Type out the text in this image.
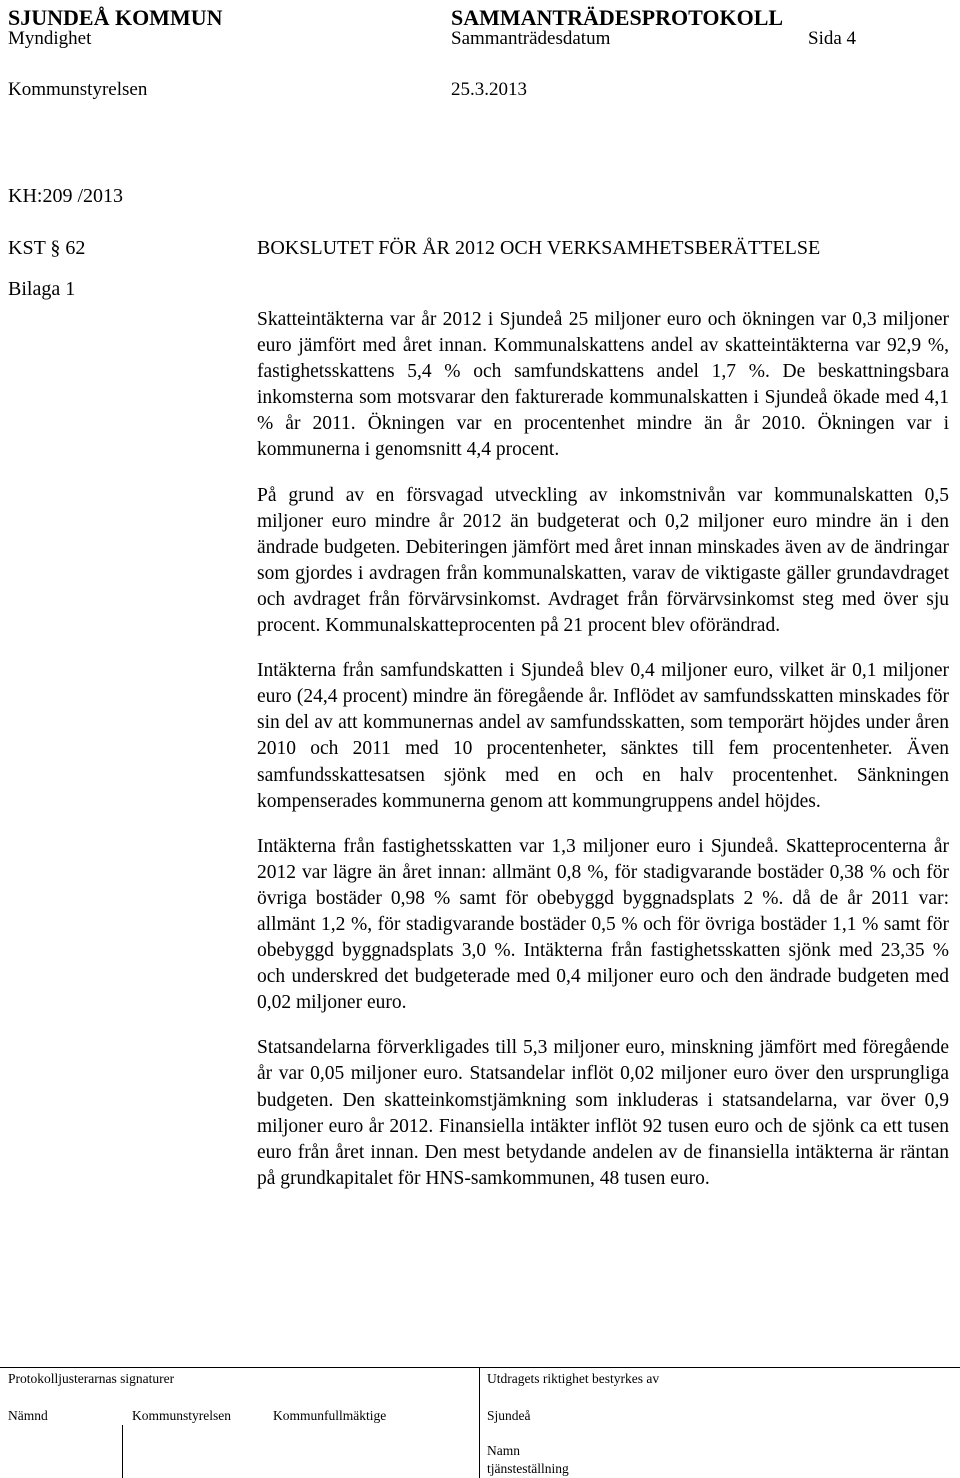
SJUNDEÅ KOMMUN	SAMMANTRÄDESPROTOKOLL
Myndighet	Sammanträdesdatum	Sida 4
Kommunstyrelsen	25.3.2013
KH:209 /2013
KST § 62	BOKSLUTET FÖR ÅR 2012 OCH VERKSAMHETSBERÄTTELSE
Bilaga 1

Skatteintäkterna var år 2012 i Sjundeå 25 miljoner euro och ökningen var 0,3 miljoner euro jämfört med året innan. Kommunalskattens andel av skatteintäkterna var 92,9 %, fastighetsskattens 5,4 % och samfundskattens andel 1,7 %. De beskattningsbara inkomsterna som motsvarar den fakturerade kommunalskatten i Sjundeå ökade med 4,1 % år 2011. Ökningen var en procentenhet mindre än år 2010. Ökningen var i kommunerna i genomsnitt 4,4 procent.

På grund av en försvagad utveckling av inkomstnivån var kommunalskatten 0,5 miljoner euro mindre år 2012 än budgeterat och 0,2 miljoner euro mindre än i den ändrade budgeten. Debiteringen jämfört med året innan minskades även av de ändringar som gjordes i avdragen från kommunalskatten, varav de viktigaste gäller grundavdraget och avdraget från förvärvsinkomst. Avdraget från förvärvsinkomst steg med över sju procent. Kommunalskatteprocenten på 21 procent blev oförändrad.

Intäkterna från samfundskatten i Sjundeå blev 0,4 miljoner euro, vilket är 0,1 miljoner euro (24,4 procent) mindre än föregående år. Inflödet av samfundsskatten minskades för sin del av att kommunernas andel av samfundsskatten, som temporärt höjdes under åren 2010 och 2011 med 10 procentenheter, sänktes till fem procentenheter. Även samfundsskattesatsen sjönk med en och en halv procentenhet. Sänkningen kompenserades kommunerna genom att kommungruppens andel höjdes.

Intäkterna från fastighetsskatten var 1,3 miljoner euro i Sjundeå. Skatteprocenterna år 2012 var lägre än året innan: allmänt 0,8 %, för stadigvarande bostäder 0,38 % och för övriga bostäder 0,98 % samt för obebyggd byggnadsplats 2 %. då de år 2011 var: allmänt 1,2 %, för stadigvarande bostäder 0,5 % och för övriga bostäder 1,1 % samt för obebyggd byggnadsplats 3,0 %. Intäkterna från fastighetsskatten sjönk med 23,35 % och underskred det budgeterade med 0,4 miljoner euro och den ändrade budgeten med 0,02 miljoner euro.

Statsandelarna förverkligades till 5,3 miljoner euro, minskning jämfört med föregående år var 0,05 miljoner euro. Statsandelar inflöt 0,02 miljoner euro över den ursprungliga budgeten. Den skatteinkomstjämkning som inkluderas i statsandelarna, var över 0,9 miljoner euro år 2012. Finansiella intäkter inflöt 92 tusen euro och de sjönk ca ett tusen euro från året innan. Den mest betydande andelen av de finansiella intäkterna är räntan på grundkapitalet för HNS-samkommunen, 48 tusen euro.

Protokolljusterarnas signaturer	Utdragets riktighet bestyrkes av
Nämnd	Kommunstyrelsen	Kommunfullmäktige	Sjundeå
Namn
tjänsteställning
